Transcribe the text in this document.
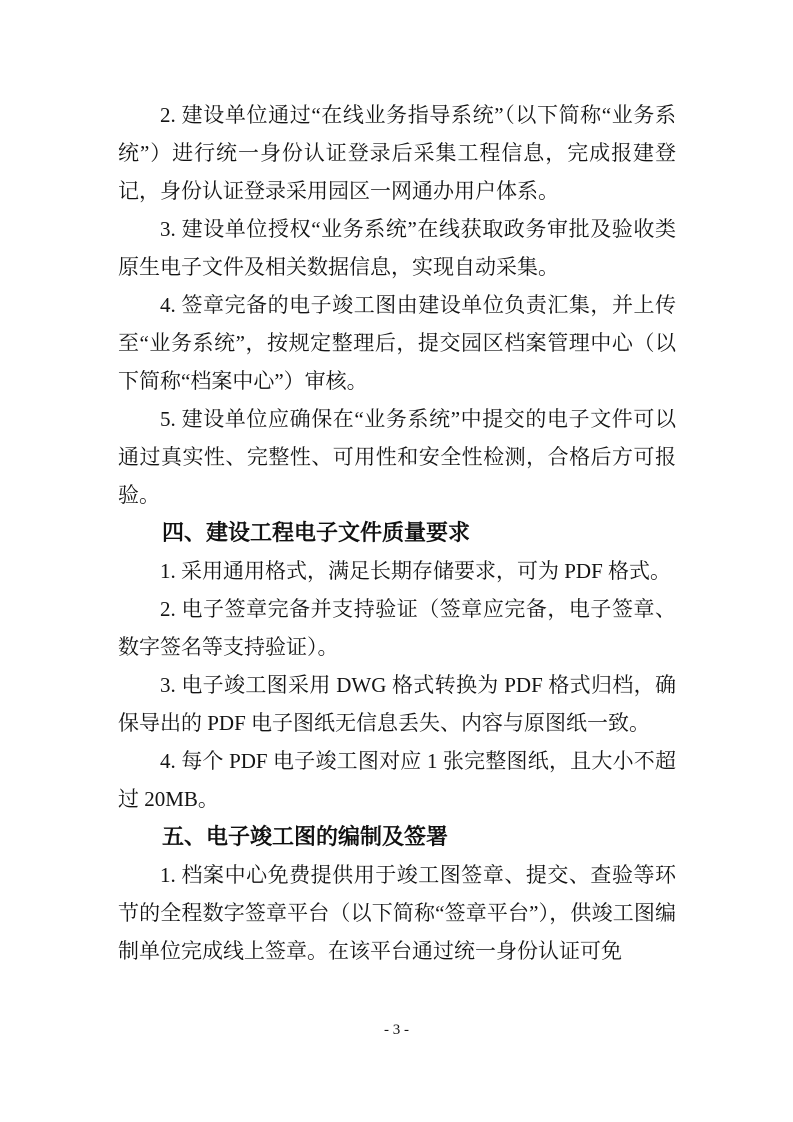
2. 建设单位通过“在线业务指导系统”（以下简称“业务系统”）进行统一身份认证登录后采集工程信息，完成报建登记，身份认证登录采用园区一网通办用户体系。

3. 建设单位授权“业务系统”在线获取政务审批及验收类原生电子文件及相关数据信息，实现自动采集。

4. 签章完备的电子竣工图由建设单位负责汇集，并上传至“业务系统”，按规定整理后，提交园区档案管理中心（以下简称“档案中心”）审核。

5. 建设单位应确保在“业务系统”中提交的电子文件可以通过真实性、完整性、可用性和安全性检测，合格后方可报验。

四、建设工程电子文件质量要求

1. 采用通用格式，满足长期存储要求，可为 PDF 格式。

2. 电子签章完备并支持验证（签章应完备，电子签章、数字签名等支持验证）。

3. 电子竣工图采用 DWG 格式转换为 PDF 格式归档，确保导出的 PDF 电子图纸无信息丢失、内容与原图纸一致。

4. 每个 PDF 电子竣工图对应 1 张完整图纸，且大小不超过 20MB。

五、电子竣工图的编制及签署

1. 档案中心免费提供用于竣工图签章、提交、查验等环节的全程数字签章平台（以下简称“签章平台”），供竣工图编制单位完成线上签章。在该平台通过统一身份认证可免

- 3 -
